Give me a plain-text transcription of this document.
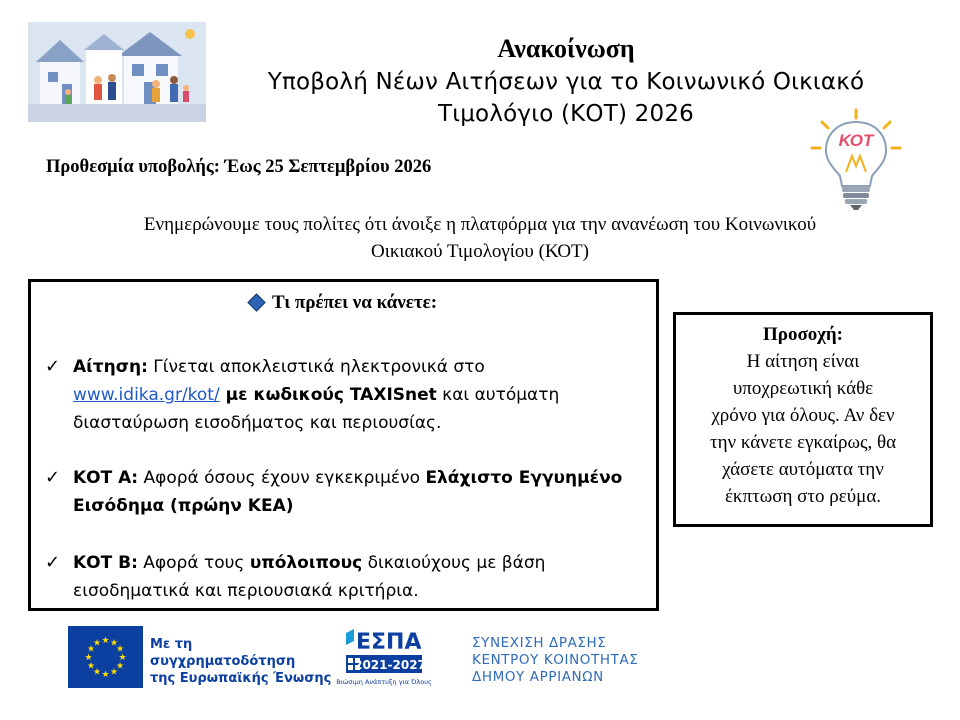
Ανακοίνωση
Υποβολή Νέων Αιτήσεων για το Κοινωνικό Οικιακό
Τιμολόγιο (ΚΟΤ) 2026
ΚΟΤ
Προθεσμία υποβολής: Έως 25 Σεπτεμβρίου 2026
Ενημερώνουμε τους πολίτες ότι άνοιξε η πλατφόρμα για την ανανέωση του Κοινωνικού
Οικιακού Τιμολογίου (ΚΟΤ)
Τι πρέπει να κάνετε:
✓ Αίτηση: Γίνεται αποκλειστικά ηλεκτρονικά στο
www.idika.gr/kot/ με κωδικούς TAXISnet και αυτόματη διασταύρωση εισοδήματος και περιουσίας.
✓ ΚΟΤ Α: Αφορά όσους έχουν εγκεκριμένο Ελάχιστο Εγγυημένο Εισόδημα (πρώην ΚΕΑ)
✓ ΚΟΤ Β: Αφορά τους υπόλοιπους δικαιούχους με βάση εισοδηματικά και περιουσιακά κριτήρια.
Προσοχή:
Η αίτηση είναι
υποχρεωτική κάθε
χρόνο για όλους. Αν δεν
την κάνετε εγκαίρως, θα
χάσετε αυτόματα την
έκπτωση στο ρεύμα.
★ ★
★
★
★
★
★
★
★
★
★
★	Με τη συγχρηματοδότηση
της Ευρωπαϊκής Ένωσης
ΕΣΠΑ
2021-2027
Βιώσιμη Ανάπτυξη για Όλους
ΣΥΝΕΧΙΣΗ ΔΡΑΣΗΣ
ΚΕΝΤΡΟΥ ΚΟΙΝΟΤΗΤΑΣ
ΔΗΜΟΥ ΑΡΡΙΑΝΩΝ
